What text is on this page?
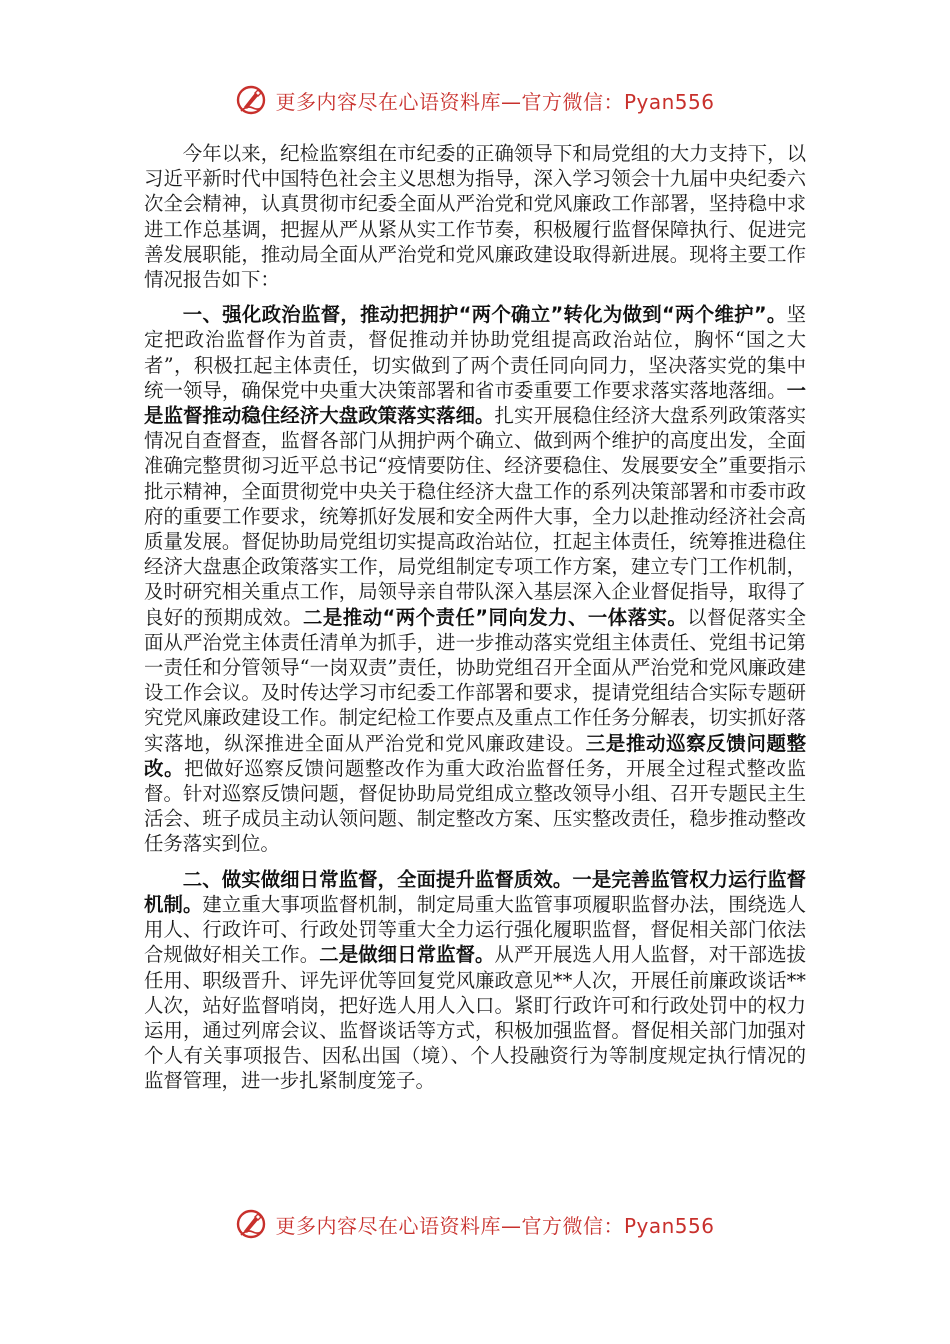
更多内容尽在心语资料库—官方微信：Pyan556

今年以来，纪检监察组在市纪委的正确领导下和局党组的大力支持下，以习近平新时代中国特色社会主义思想为指导，深入学习领会十九届中央纪委六次全会精神，认真贯彻市纪委全面从严治党和党风廉政工作部署，坚持稳中求进工作总基调，把握从严从紧从实工作节奏，积极履行监督保障执行、促进完善发展职能，推动局全面从严治党和党风廉政建设取得新进展。现将主要工作情况报告如下：

一、强化政治监督，推动把拥护“两个确立”转化为做到“两个维护”。坚定把政治监督作为首责，督促推动并协助党组提高政治站位，胸怀“国之大者”，积极扛起主体责任，切实做到了两个责任同向同力，坚决落实党的集中统一领导，确保党中央重大决策部署和省市委重要工作要求落实落地落细。一是监督推动稳住经济大盘政策落实落细。扎实开展稳住经济大盘系列政策落实情况自查督查，监督各部门从拥护两个确立、做到两个维护的高度出发，全面准确完整贯彻习近平总书记“疫情要防住、经济要稳住、发展要安全”重要指示批示精神，全面贯彻党中央关于稳住经济大盘工作的系列决策部署和市委市政府的重要工作要求，统筹抓好发展和安全两件大事，全力以赴推动经济社会高质量发展。督促协助局党组切实提高政治站位，扛起主体责任，统筹推进稳住经济大盘惠企政策落实工作，局党组制定专项工作方案，建立专门工作机制，及时研究相关重点工作，局领导亲自带队深入基层深入企业督促指导，取得了良好的预期成效。二是推动“两个责任”同向发力、一体落实。以督促落实全面从严治党主体责任清单为抓手，进一步推动落实党组主体责任、党组书记第一责任和分管领导“一岗双责”责任，协助党组召开全面从严治党和党风廉政建设工作会议。及时传达学习市纪委工作部署和要求，提请党组结合实际专题研究党风廉政建设工作。制定纪检工作要点及重点工作任务分解表，切实抓好落实落地，纵深推进全面从严治党和党风廉政建设。三是推动巡察反馈问题整改。把做好巡察反馈问题整改作为重大政治监督任务，开展全过程式整改监督。针对巡察反馈问题，督促协助局党组成立整改领导小组、召开专题民主生活会、班子成员主动认领问题、制定整改方案、压实整改责任，稳步推动整改任务落实到位。

二、做实做细日常监督，全面提升监督质效。一是完善监管权力运行监督机制。建立重大事项监督机制，制定局重大监管事项履职监督办法，围绕选人用人、行政许可、行政处罚等重大全力运行强化履职监督，督促相关部门依法合规做好相关工作。二是做细日常监督。从严开展选人用人监督，对干部选拔任用、职级晋升、评先评优等回复党风廉政意见**人次，开展任前廉政谈话**人次，站好监督哨岗，把好选人用人入口。紧盯行政许可和行政处罚中的权力运用，通过列席会议、监督谈话等方式，积极加强监督。督促相关部门加强对个人有关事项报告、因私出国（境）、个人投融资行为等制度规定执行情况的监督管理，进一步扎紧制度笼子。

更多内容尽在心语资料库—官方微信：Pyan556
